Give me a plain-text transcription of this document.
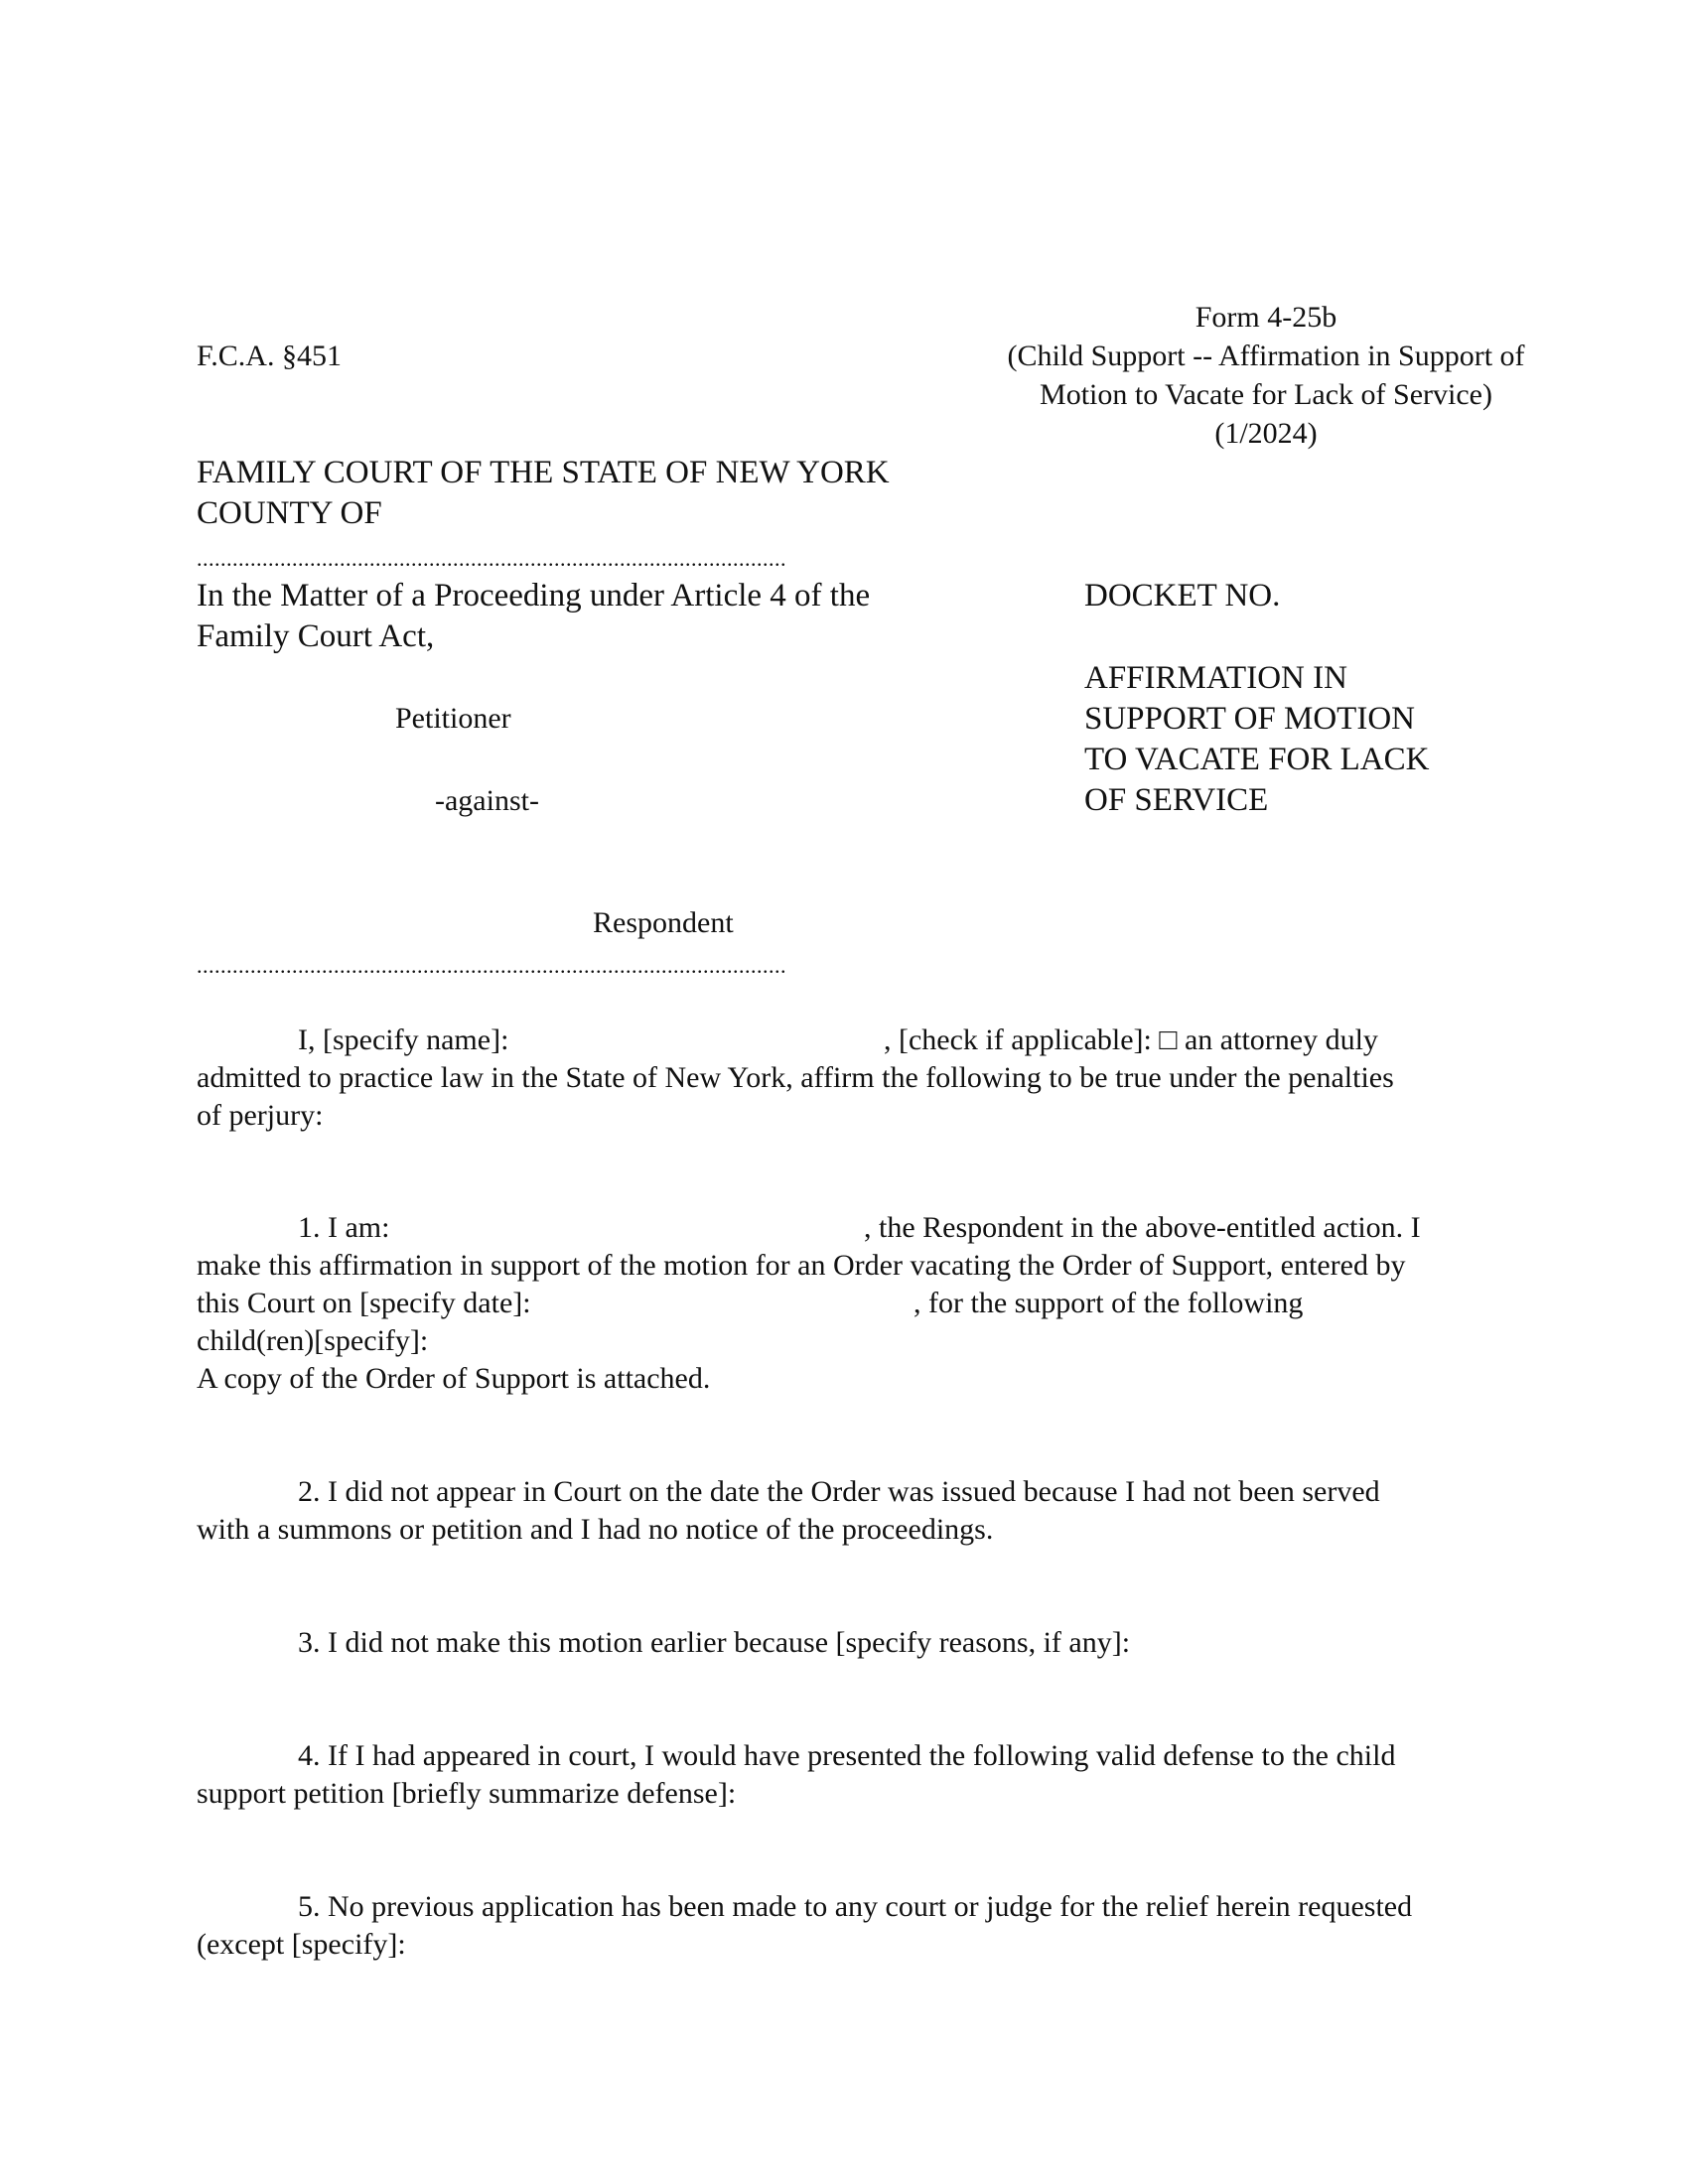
F.C.A. §451
Form 4-25b
(Child Support -- Affirmation in Support of
Motion to Vacate for Lack of Service)
(1/2024)
FAMILY COURT OF THE STATE OF NEW YORK
COUNTY OF
...................................................................................................
In the Matter of a Proceeding under Article 4 of the
Family Court Act,
Petitioner
-against-
Respondent
...................................................................................................
DOCKET NO.
AFFIRMATION IN
SUPPORT OF MOTION
TO VACATE FOR LACK
OF SERVICE
I, [specify name]:	, [check if applicable]: □ an attorney duly
admitted to practice law in the State of New York, affirm the following to be true under the penalties
of perjury:
1. I am:	, the Respondent in the above-entitled action. I
make this affirmation in support of the motion for an Order vacating the Order of Support, entered by
this Court on [specify date]:	, for the support of the following
child(ren)[specify]:
A copy of the Order of Support is attached.
2. I did not appear in Court on the date the Order was issued because I had not been served
with a summons or petition and I had no notice of the proceedings.
3. I did not make this motion earlier because [specify reasons, if any]:
4. If I had appeared in court, I would have presented the following valid defense to the child
support petition [briefly summarize defense]:
5. No previous application has been made to any court or judge for the relief herein requested
(except [specify]:
